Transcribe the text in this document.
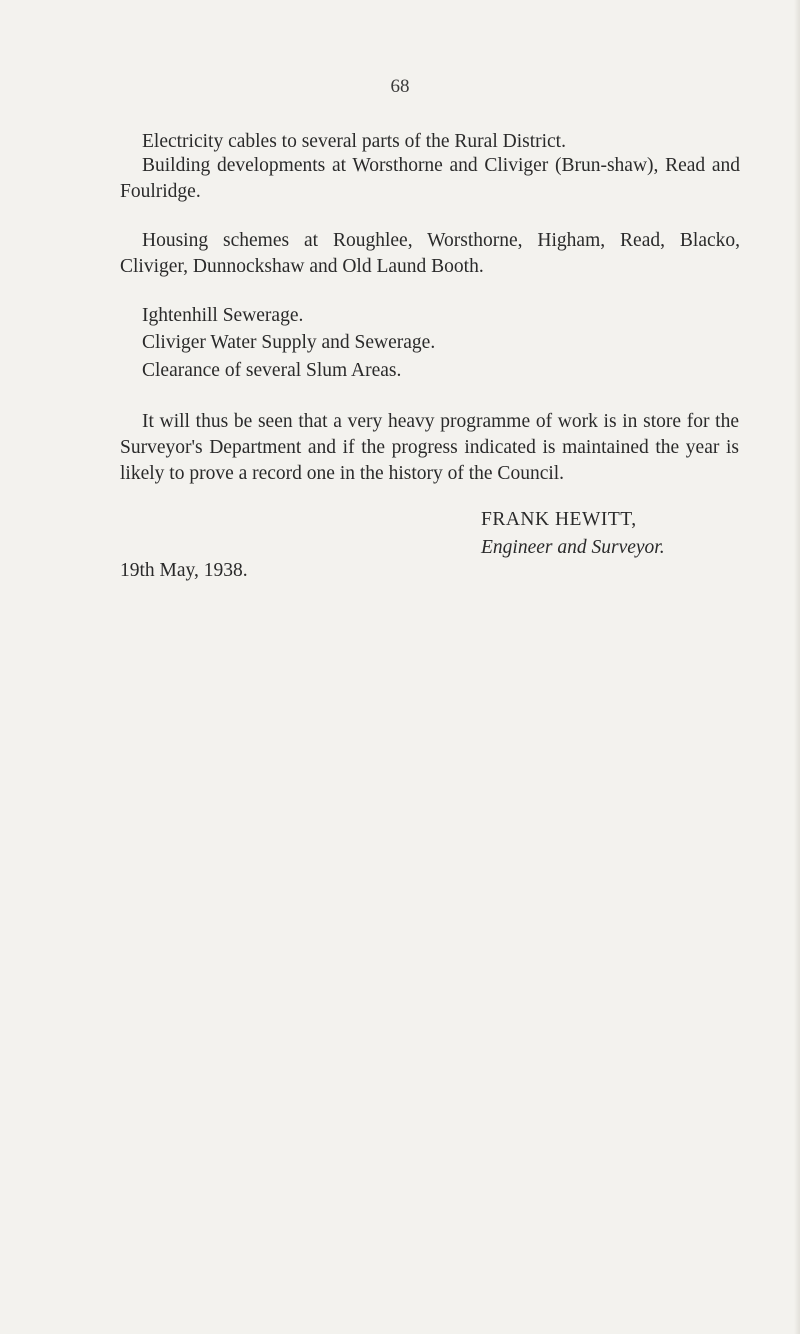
68

Electricity cables to several parts of the Rural District.

Building developments at Worsthorne and Cliviger (Brun-shaw), Read and Foulridge.

Housing schemes at Roughlee, Worsthorne, Higham, Read, Blacko, Cliviger, Dunnockshaw and Old Laund Booth.

Ightenhill Sewerage.

Cliviger Water Supply and Sewerage.

Clearance of several Slum Areas.

It will thus be seen that a very heavy programme of work is in store for the Surveyor's Department and if the progress indicated is maintained the year is likely to prove a record one in the history of the Council.

FRANK HEWITT,
Engineer and Surveyor.
19th May, 1938.
